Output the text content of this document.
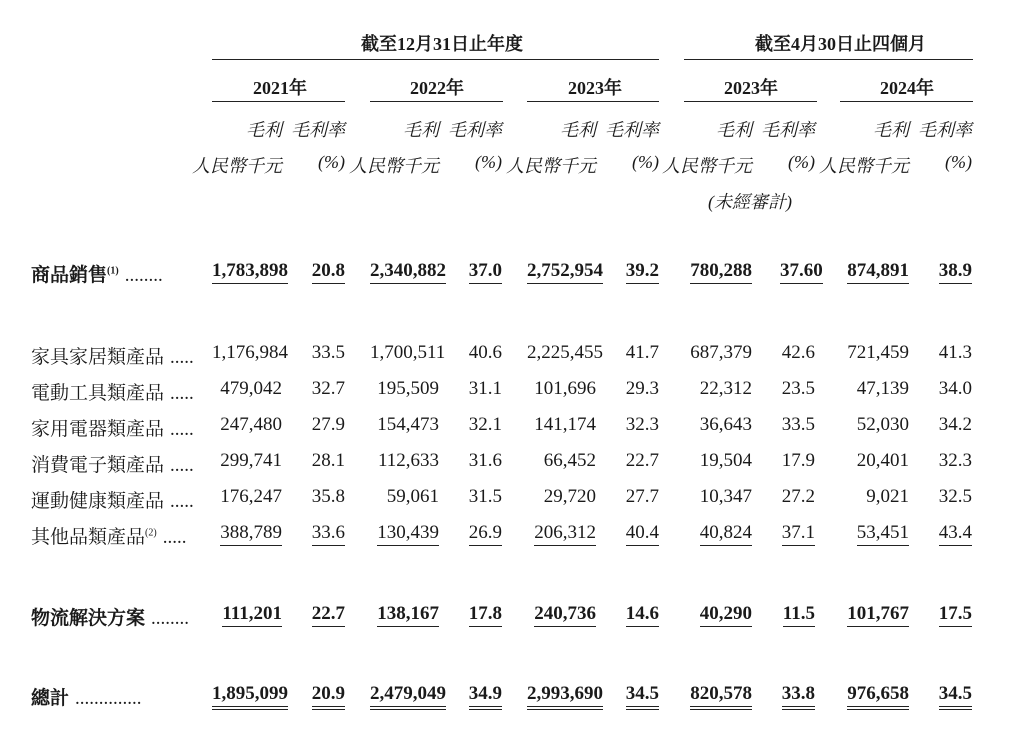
截至12月31日止年度	截至4月30日止四個月
2021年	2022年	2023年	2023年	2024年
毛利 毛利率
人民幣千元 (%)
毛利 毛利率
人民幣千元 (%)
毛利 毛利率
人民幣千元 (%)
毛利 毛利率
人民幣千元 (%)
毛利 毛利率
人民幣千元 (%)
(未經審計)
商品銷售$^{(1)}$ ........	1,783,898 20.8 2,340,882 37.0 2,752,954 39.2	780,288 37.60	874,891 38.9
家具家居類產品 ..... 1,176,984 33.5 1,700,511 40.6 2,225,455 41.7	687,379 42.6	721,459 41.3
電動工具類產品 .....	479,042 32.7	195,509 31.1	101,696 29.3	22,312 23.5	47,139 34.0
家用電器類產品 .....	247,480 27.9	154,473 32.1	141,174 32.3	36,643 33.5	52,030 34.2
消費電子類產品 .....	299,741 28.1	112,633 31.6	66,452 22.7	19,504 17.9	20,401 32.3
運動健康類產品 .....	176,247 35.8	59,061 31.5	29,720 27.7	10,347 27.2	9,021 32.5
其他品類產品$^{(2)}$ .....	388,789 33.6	130,439 26.9	206,312 40.4	40,824 37.1	53,451 43.4
物流解決方案 ........	111,201 22.7	138,167 17.8	240,736 14.6	40,290 11.5	101,767 17.5
總計 ..............	1,895,099 20.9 2,479,049 34.9 2,993,690 34.5	820,578 33.8	976,658 34.5
